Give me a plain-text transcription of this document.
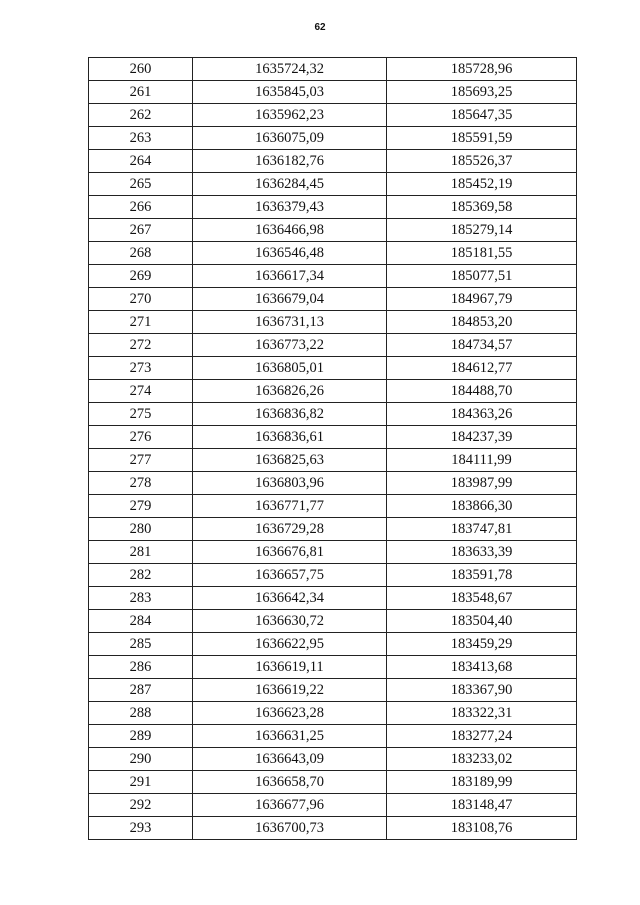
62
260	1635724,32	185728,96
261	1635845,03	185693,25
262	1635962,23	185647,35
263	1636075,09	185591,59
264	1636182,76	185526,37
265	1636284,45	185452,19
266	1636379,43	185369,58
267	1636466,98	185279,14
268	1636546,48	185181,55
269	1636617,34	185077,51
270	1636679,04	184967,79
271	1636731,13	184853,20
272	1636773,22	184734,57
273	1636805,01	184612,77
274	1636826,26	184488,70
275	1636836,82	184363,26
276	1636836,61	184237,39
277	1636825,63	184111,99
278	1636803,96	183987,99
279	1636771,77	183866,30
280	1636729,28	183747,81
281	1636676,81	183633,39
282	1636657,75	183591,78
283	1636642,34	183548,67
284	1636630,72	183504,40
285	1636622,95	183459,29
286	1636619,11	183413,68
287	1636619,22	183367,90
288	1636623,28	183322,31
289	1636631,25	183277,24
290	1636643,09	183233,02
291	1636658,70	183189,99
292	1636677,96	183148,47
293	1636700,73	183108,76
